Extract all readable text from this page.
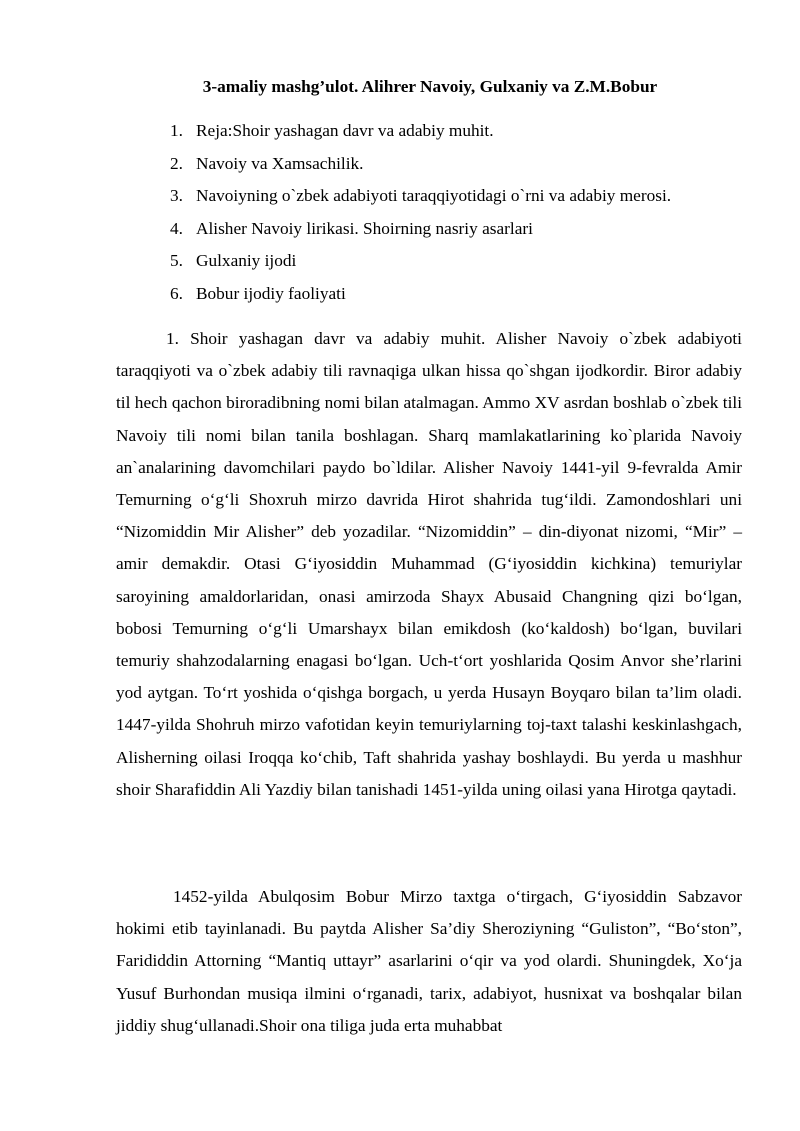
3-amaliy mashg’ulot. Alihrer Navoiy, Gulxaniy va Z.M.Bobur
1. Reja:Shoir yashagan davr va adabiy muhit.
2. Navoiy va Xamsachilik.
3. Navoiyning o`zbek adabiyoti taraqqiyotidagi o`rni va adabiy merosi.
4. Alisher Navoiy lirikasi. Shoirning nasriy asarlari
5. Gulxaniy ijodi
6. Bobur ijodiy faoliyati

1. Shoir yashagan davr va adabiy muhit. Alisher Navoiy o`zbek adabiyoti taraqqiyoti va o`zbek adabiy tili ravnaqiga ulkan hissa qo`shgan ijodkordir. Biror adabiy til hech qachon biroradibning nomi bilan atalmagan. Ammo XV asrdan boshlab o`zbek tili Navoiy tili nomi bilan tanila boshlagan. Sharq mamlakatlarining ko`plarida Navoiy an`analarining davomchilari paydo bo`ldilar. Alisher Navoiy 1441-yil 9-fevralda Amir Temurning o‘g‘li Shoxruh mirzo davrida Hirot shahrida tug‘ildi. Zamondoshlari uni “Nizomiddin Mir Alisher” deb yozadilar. “Nizomiddin” – din-diyonat nizomi, “Mir” – amir demakdir. Otasi G‘iyosiddin Muhammad (G‘iyosiddin kichkina) temuriylar saroyining amaldorlaridan, onasi amirzoda Shayx Abusaid Changning qizi bo‘lgan, bobosi Temurning o‘g‘li Umarshayx bilan emikdosh (ko‘kaldosh) bo‘lgan, buvilari temuriy shahzodalarning enagasi bo‘lgan. Uch-t‘ort yoshlarida Qosim Anvor she’rlarini yod aytgan. To‘rt yoshida o‘qishga borgach, u yerda Husayn Boyqaro bilan ta’lim oladi. 1447-yilda Shohruh mirzo vafotidan keyin temuriylarning toj-taxt talashi keskinlashgach, Alisherning oilasi Iroqqa ko‘chib, Taft shahrida yashay boshlaydi. Bu yerda u mashhur shoir Sharafiddin Ali Yazdiy bilan tanishadi 1451-yilda uning oilasi yana Hirotga qaytadi.

1452-yilda Abulqosim Bobur Mirzo taxtga o‘tirgach, G‘iyosiddin Sabzavor hokimi etib tayinlanadi. Bu paytda Alisher Sa’diy Sheroziyning “Guliston”, “Bo‘ston”, Farididdin Attorning “Mantiq uttayr” asarlarini o‘qir va yod olardi. Shuningdek, Xo‘ja Yusuf Burhondan musiqa ilmini o‘rganadi, tarix, adabiyot, husnixat va boshqalar bilan jiddiy shug‘ullanadi.Shoir ona tiliga juda erta muhabbat
